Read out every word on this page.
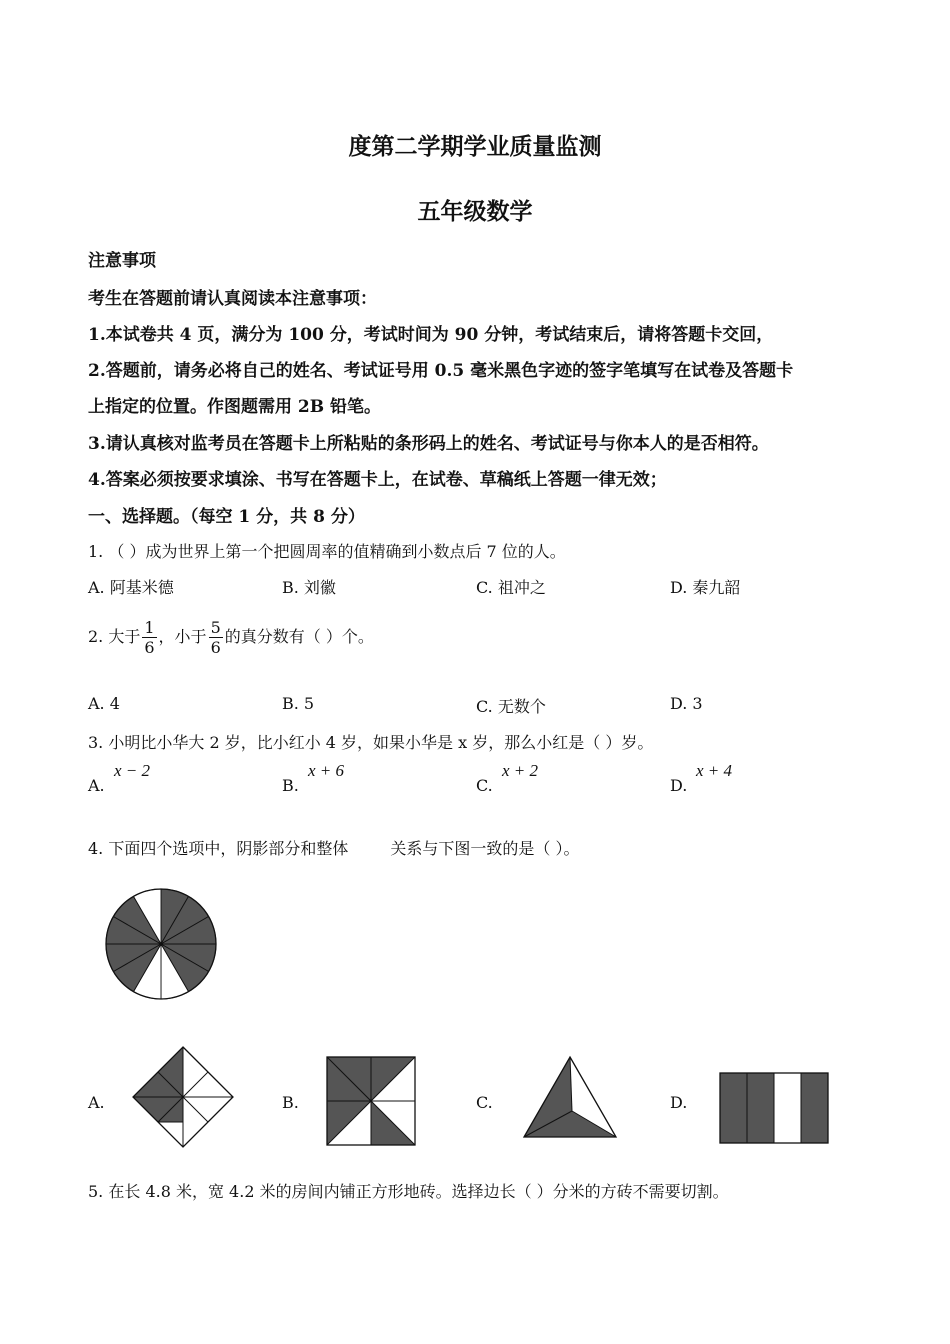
度第二学期学业质量监测
五年级数学
注意事项
考生在答题前请认真阅读本注意事项：
1.本试卷共 4 页，满分为 100 分，考试时间为 90 分钟，考试结束后，请将答题卡交回，
2.答题前，请务必将自己的姓名、考试证号用 0.5 毫米黑色字迹的签字笔填写在试卷及答题卡
上指定的位置。作图题需用 2B 铅笔。
3.请认真核对监考员在答题卡上所粘贴的条形码上的姓名、考试证号与你本人的是否相符。
4.答案必须按要求填涂、书写在答题卡上，在试卷、草稿纸上答题一律无效；
一、选择题。（每空 1 分，共 8 分）
1. （ ）成为世界上第一个把圆周率的值精确到小数点后 7 位的人。
A. 阿基米德	B. 刘徽	C. 祖冲之	D. 秦九韶
2. 大于 $\frac{1}{6}$ ，小于 $\frac{5}{6}$ 的真分数有（ ）个。
A. 4	B. 5	C. 无数个	D. 3
3. 小明比小华大 2 岁，比小红小 4 岁，如果小华是 x 岁，那么小红是（ ）岁。
A.
x − 2
B.
x + 6
C.
x + 2
D.
x + 4
4. 下面四个选项中，阴影部分和整体	关系与下图一致的是（ ）。
A.	B.	C.	D.
5. 在长 4.8 米，宽 4.2 米的房间内铺正方形地砖。选择边长（ ）分米的方砖不需要切割。
